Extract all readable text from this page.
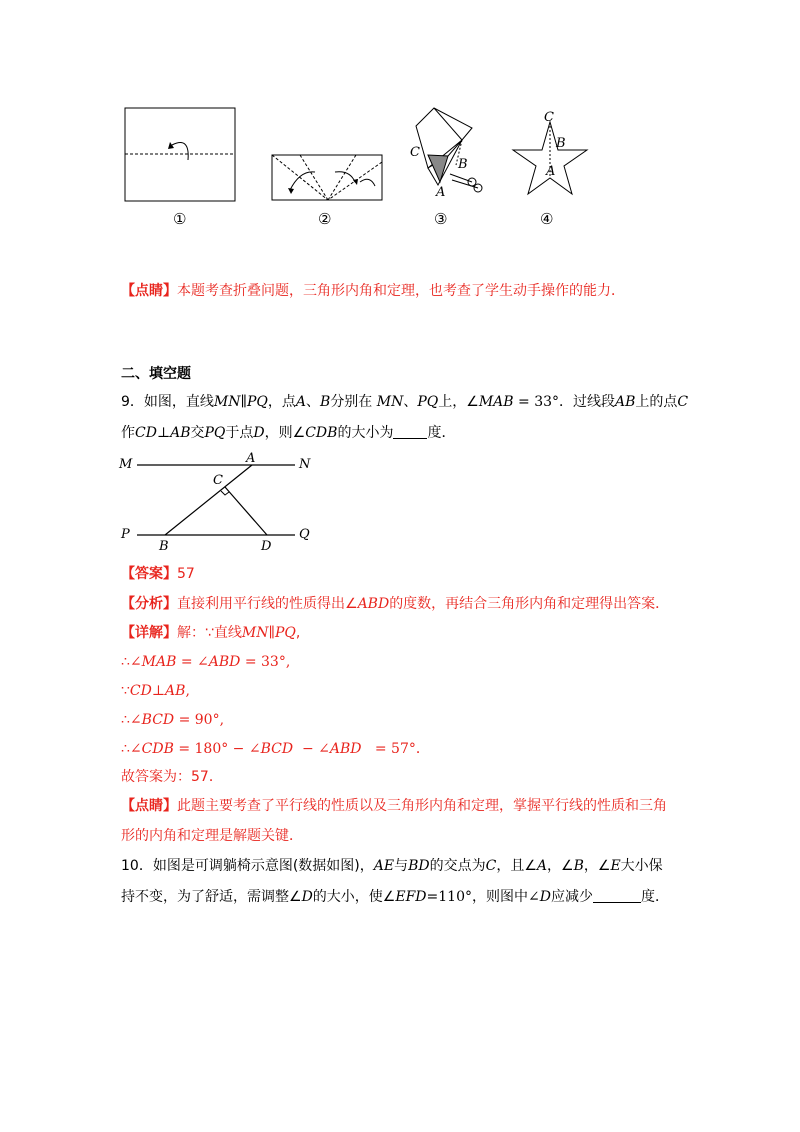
C
B
A
C
B
A
①	②	③	④
【点睛】本题考查折叠问题，三角形内角和定理，也考查了学生动手操作的能力．
二、填空题
9．如图，直线MN∥PQ，点A、B分别在 MN、PQ上，∠MAB = 33°．过线段AB上的点C
作CD⊥AB交PQ于点D，则∠CDB的大小为 度．
M	A	N
C
P
B	D
Q
【答案】57
【分析】直接利用平行线的性质得出∠ABD的度数，再结合三角形内角和定理得出答案．
【详解】解：∵直线MN∥PQ,
∴∠MAB = ∠ABD = 33°,
∵CD⊥AB,
∴∠BCD = 90°,
∴∠CDB = 180° − ∠BCD  − ∠ABD   = 57°．
故答案为：57．
【点睛】此题主要考查了平行线的性质以及三角形内角和定理，掌握平行线的性质和三角
形的内角和定理是解题关键．
10．如图是可调躺椅示意图(数据如图)，AE与BD的交点为C，且∠A，∠B，∠E大小保
持不变，为了舒适，需调整∠D的大小，使∠EFD=110°，则图中∠D应减少	度．
